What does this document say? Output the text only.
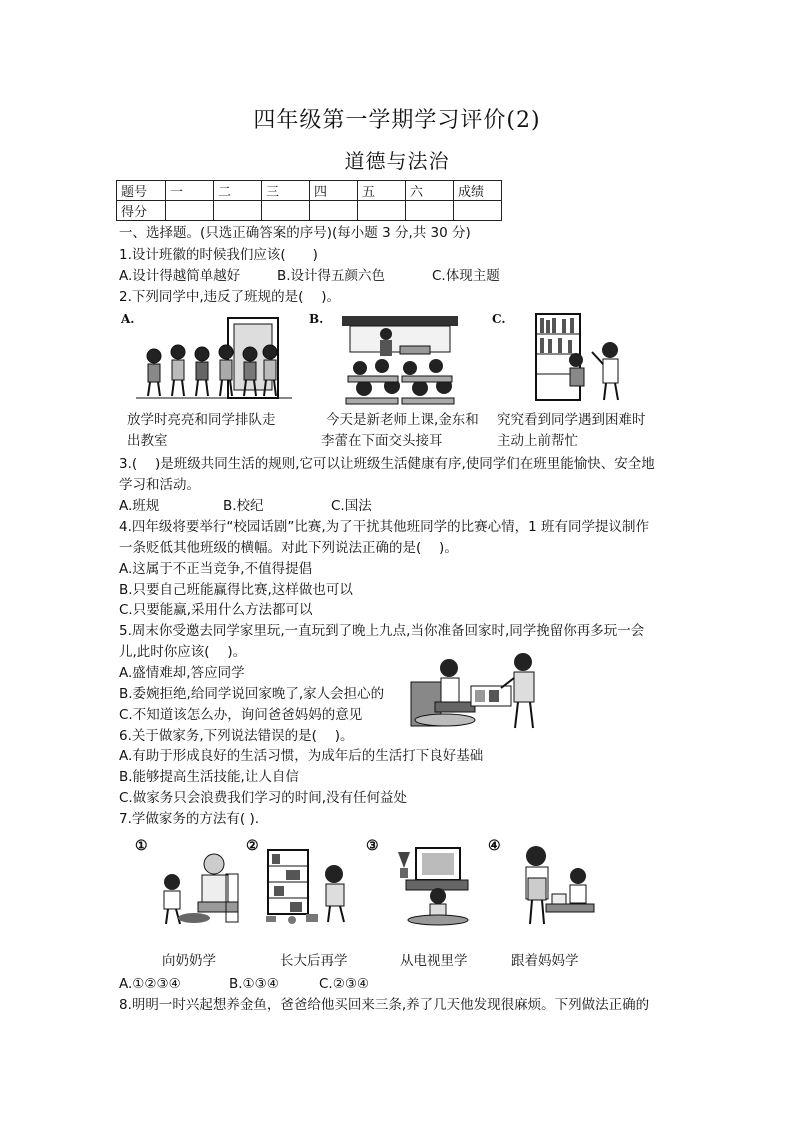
四年级第一学期学习评价(2)
道德与法治
题号	一	二	三	四	五	六	成绩
得分							
一、选择题。(只选正确答案的序号)(每小题 3 分,共 30 分)
1.设计班徽的时候我们应该(　　)
A.设计得越简单越好	B.设计得五颜六色	C.体现主题
2.下列同学中,违反了班规的是(　 )。
A.	B.	C.
放学时亮亮和同学排队走
出教室
今天是新老师上课,金东和
李蕾在下面交头接耳
究究看到同学遇到困难时
主动上前帮忙
3.(　 )是班级共同生活的规则,它可以让班级生活健康有序,使同学们在班里能愉快、安全地
学习和活动。
A.班规	B.校纪	C.国法
4.四年级将要举行“校园话剧”比赛,为了干扰其他班同学的比赛心情，1 班有同学提议制作
一条贬低其他班级的横幅。对此下列说法正确的是(　 )。
A.这属于不正当竞争,不值得提倡
B.只要自己班能赢得比赛,这样做也可以
C.只要能赢,采用什么方法都可以
5.周末你受邀去同学家里玩,一直玩到了晚上九点,当你准备回家时,同学挽留你再多玩一会
儿,此时你应该(　 )。
A.盛情难却,答应同学
B.委婉拒绝,给同学说回家晚了,家人会担心的
C.不知道该怎么办，询问爸爸妈妈的意见
6.关于做家务,下列说法错误的是(　 )。
A.有助于形成良好的生活习惯，为成年后的生活打下良好基础
B.能够提高生活技能,让人自信
C.做家务只会浪费我们学习的时间,没有任何益处
7.学做家务的方法有( ).
①	②	③	④
向奶奶学	长大后再学	从电视里学	跟着妈妈学
A.①②③④	B.①③④	C.②③④
8.明明一时兴起想养金鱼，爸爸给他买回来三条,养了几天他发现很麻烦。下列做法正确的
